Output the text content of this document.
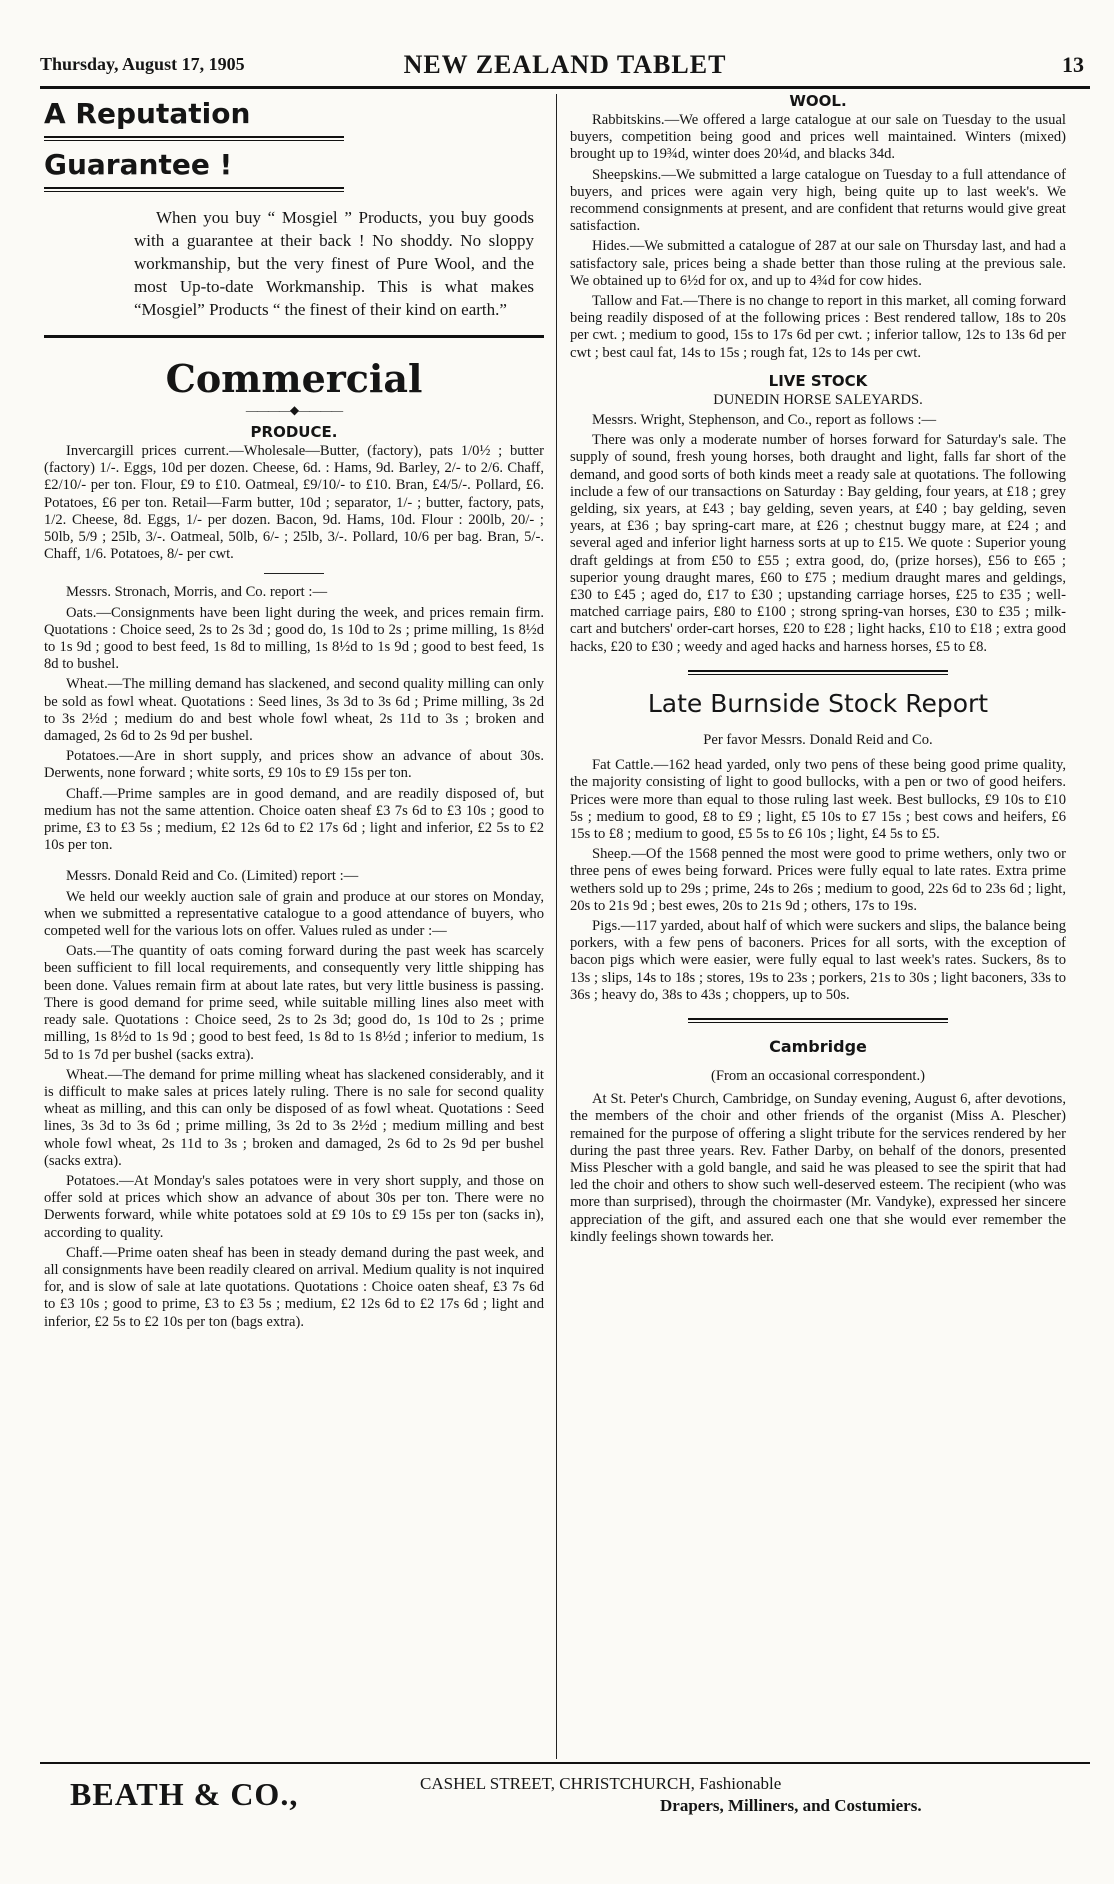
Thursday, August 17, 1905	NEW ZEALAND TABLET	13
A Reputation
Guarantee !

When you buy “ Mosgiel ” Products, you buy goods with a guarantee at their back ! No shoddy. No sloppy workmanship, but the very finest of Pure Wool, and the most Up-to-date Workmanship. This is what makes “Mosgiel” Products “ the finest of their kind on earth.”

Commercial
————◆————
PRODUCE.

Invercargill prices current.—Wholesale—Butter, (factory), pats 1/0½ ; butter (factory) 1/-. Eggs, 10d per dozen. Cheese, 6d. : Hams, 9d. Barley, 2/- to 2/6. Chaff, £2/10/- per ton. Flour, £9 to £10. Oatmeal, £9/10/- to £10. Bran, £4/5/-. Pollard, £6. Potatoes, £6 per ton. Retail—Farm butter, 10d ; separator, 1/- ; butter, factory, pats, 1/2. Cheese, 8d. Eggs, 1/- per dozen. Bacon, 9d. Hams, 10d. Flour : 200lb, 20/- ; 50lb, 5/9 ; 25lb, 3/-. Oatmeal, 50lb, 6/- ; 25lb, 3/-. Pollard, 10/6 per bag. Bran, 5/-. Chaff, 1/6. Potatoes, 8/- per cwt.

Messrs. Stronach, Morris, and Co. report :—

Oats.—Consignments have been light during the week, and prices remain firm. Quotations : Choice seed, 2s to 2s 3d ; good do, 1s 10d to 2s ; prime milling, 1s 8½d to 1s 9d ; good to best feed, 1s 8d to milling, 1s 8½d to 1s 9d ; good to best feed, 1s 8d to bushel.

Wheat.—The milling demand has slackened, and second quality milling can only be sold as fowl wheat. Quotations : Seed lines, 3s 3d to 3s 6d ; Prime milling, 3s 2d to 3s 2½d ; medium do and best whole fowl wheat, 2s 11d to 3s ; broken and damaged, 2s 6d to 2s 9d per bushel.

Potatoes.—Are in short supply, and prices show an advance of about 30s. Derwents, none forward ; white sorts, £9 10s to £9 15s per ton.

Chaff.—Prime samples are in good demand, and are readily disposed of, but medium has not the same attention. Choice oaten sheaf £3 7s 6d to £3 10s ; good to prime, £3 to £3 5s ; medium, £2 12s 6d to £2 17s 6d ; light and inferior, £2 5s to £2 10s per ton.

Messrs. Donald Reid and Co. (Limited) report :—

We held our weekly auction sale of grain and produce at our stores on Monday, when we submitted a representative catalogue to a good attendance of buyers, who competed well for the various lots on offer. Values ruled as under :—

Oats.—The quantity of oats coming forward during the past week has scarcely been sufficient to fill local requirements, and consequently very little shipping has been done. Values remain firm at about late rates, but very little business is passing. There is good demand for prime seed, while suitable milling lines also meet with ready sale. Quotations : Choice seed, 2s to 2s 3d; good do, 1s 10d to 2s ; prime milling, 1s 8½d to 1s 9d ; good to best feed, 1s 8d to 1s 8½d ; inferior to medium, 1s 5d to 1s 7d per bushel (sacks extra).

Wheat.—The demand for prime milling wheat has slackened considerably, and it is difficult to make sales at prices lately ruling. There is no sale for second quality wheat as milling, and this can only be disposed of as fowl wheat. Quotations : Seed lines, 3s 3d to 3s 6d ; prime milling, 3s 2d to 3s 2½d ; medium milling and best whole fowl wheat, 2s 11d to 3s ; broken and damaged, 2s 6d to 2s 9d per bushel (sacks extra).

Potatoes.—At Monday's sales potatoes were in very short supply, and those on offer sold at prices which show an advance of about 30s per ton. There were no Derwents forward, while white potatoes sold at £9 10s to £9 15s per ton (sacks in), according to quality.

Chaff.—Prime oaten sheaf has been in steady demand during the past week, and all consignments have been readily cleared on arrival. Medium quality is not inquired for, and is slow of sale at late quotations. Quotations : Choice oaten sheaf, £3 7s 6d to £3 10s ; good to prime, £3 to £3 5s ; medium, £2 12s 6d to £2 17s 6d ; light and inferior, £2 5s to £2 10s per ton (bags extra).

WOOL.

Rabbitskins.—We offered a large catalogue at our sale on Tuesday to the usual buyers, competition being good and prices well maintained. Winters (mixed) brought up to 19¾d, winter does 20¼d, and blacks 34d.

Sheepskins.—We submitted a large catalogue on Tuesday to a full attendance of buyers, and prices were again very high, being quite up to last week's. We recommend consignments at present, and are confident that returns would give great satisfaction.

Hides.—We submitted a catalogue of 287 at our sale on Thursday last, and had a satisfactory sale, prices being a shade better than those ruling at the previous sale. We obtained up to 6½d for ox, and up to 4¾d for cow hides.

Tallow and Fat.—There is no change to report in this market, all coming forward being readily disposed of at the following prices : Best rendered tallow, 18s to 20s per cwt. ; medium to good, 15s to 17s 6d per cwt. ; inferior tallow, 12s to 13s 6d per cwt ; best caul fat, 14s to 15s ; rough fat, 12s to 14s per cwt.

LIVE STOCK

DUNEDIN HORSE SALEYARDS.

Messrs. Wright, Stephenson, and Co., report as follows :—

There was only a moderate number of horses forward for Saturday's sale. The supply of sound, fresh young horses, both draught and light, falls far short of the demand, and good sorts of both kinds meet a ready sale at quotations. The following include a few of our transactions on Saturday : Bay gelding, four years, at £18 ; grey gelding, six years, at £43 ; bay gelding, seven years, at £40 ; bay gelding, seven years, at £36 ; bay spring-cart mare, at £26 ; chestnut buggy mare, at £24 ; and several aged and inferior light harness sorts at up to £15. We quote : Superior young draft geldings at from £50 to £55 ; extra good, do, (prize horses), £56 to £65 ; superior young draught mares, £60 to £75 ; medium draught mares and geldings, £30 to £45 ; aged do, £17 to £30 ; upstanding carriage horses, £25 to £35 ; well-matched carriage pairs, £80 to £100 ; strong spring-van horses, £30 to £35 ; milk-cart and butchers' order-cart horses, £20 to £28 ; light hacks, £10 to £18 ; extra good hacks, £20 to £30 ; weedy and aged hacks and harness horses, £5 to £8.

Late Burnside Stock Report

Per favor Messrs. Donald Reid and Co.

Fat Cattle.—162 head yarded, only two pens of these being good prime quality, the majority consisting of light to good bullocks, with a pen or two of good heifers. Prices were more than equal to those ruling last week. Best bullocks, £9 10s to £10 5s ; medium to good, £8 to £9 ; light, £5 10s to £7 15s ; best cows and heifers, £6 15s to £8 ; medium to good, £5 5s to £6 10s ; light, £4 5s to £5.

Sheep.—Of the 1568 penned the most were good to prime wethers, only two or three pens of ewes being forward. Prices were fully equal to late rates. Extra prime wethers sold up to 29s ; prime, 24s to 26s ; medium to good, 22s 6d to 23s 6d ; light, 20s to 21s 9d ; best ewes, 20s to 21s 9d ; others, 17s to 19s.

Pigs.—117 yarded, about half of which were suckers and slips, the balance being porkers, with a few pens of baconers. Prices for all sorts, with the exception of bacon pigs which were easier, were fully equal to last week's rates. Suckers, 8s to 13s ; slips, 14s to 18s ; stores, 19s to 23s ; porkers, 21s to 30s ; light baconers, 33s to 36s ; heavy do, 38s to 43s ; choppers, up to 50s.

Cambridge

(From an occasional correspondent.)

At St. Peter's Church, Cambridge, on Sunday evening, August 6, after devotions, the members of the choir and other friends of the organist (Miss A. Plescher) remained for the purpose of offering a slight tribute for the services rendered by her during the past three years. Rev. Father Darby, on behalf of the donors, presented Miss Plescher with a gold bangle, and said he was pleased to see the spirit that had led the choir and others to show such well-deserved esteem. The recipient (who was more than surprised), through the choirmaster (Mr. Vandyke), expressed her sincere appreciation of the gift, and assured each one that she would ever remember the kindly feelings shown towards her.

BEATH & CO.,	CASHEL STREET, CHRISTCHURCH, Fashionable
Drapers, Milliners, and Costumiers.
